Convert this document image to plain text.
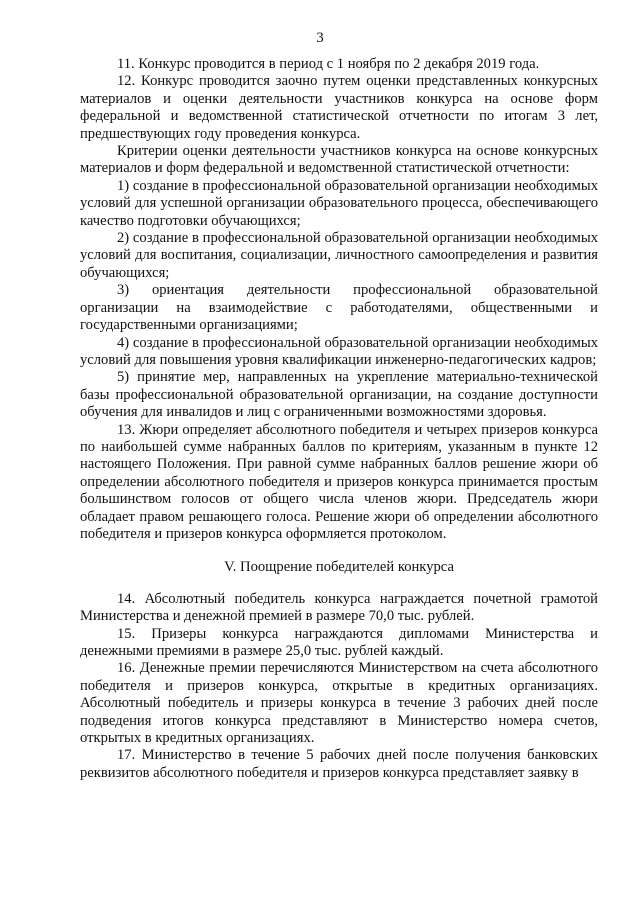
3

11. Конкурс проводится в период с 1 ноября по 2 декабря 2019 года.

12. Конкурс проводится заочно путем оценки представленных конкурсных материалов и оценки деятельности участников конкурса на основе форм федеральной и ведомственной статистической отчетности по итогам 3 лет, предшествующих году проведения конкурса.

Критерии оценки деятельности участников конкурса на основе конкурсных материалов и форм федеральной и ведомственной статистической отчетности:

1) создание в профессиональной образовательной организации необходимых условий для успешной организации образовательного процесса, обеспечивающего качество подготовки обучающихся;

2) создание в профессиональной образовательной организации необходимых условий для воспитания, социализации, личностного самоопределения и развития обучающихся;

3) ориентация деятельности профессиональной образовательной организации на взаимодействие с работодателями, общественными и государственными организациями;

4) создание в профессиональной образовательной организации необходимых условий для повышения уровня квалификации инженерно-педагогических кадров;

5) принятие мер, направленных на укрепление материально-технической базы профессиональной образовательной организации, на создание доступности обучения для инвалидов и лиц с ограниченными возможностями здоровья.

13. Жюри определяет абсолютного победителя и четырех призеров конкурса по наибольшей сумме набранных баллов по критериям, указанным в пункте 12 настоящего Положения. При равной сумме набранных баллов решение жюри об определении абсолютного победителя и призеров конкурса принимается простым большинством голосов от общего числа членов жюри. Председатель жюри обладает правом решающего голоса. Решение жюри об определении абсолютного победителя и призеров конкурса оформляется протоколом.

V. Поощрение победителей конкурса

14. Абсолютный победитель конкурса награждается почетной грамотой Министерства и денежной премией в размере 70,0 тыс. рублей.

15. Призеры конкурса награждаются дипломами Министерства и денежными премиями в размере 25,0 тыс. рублей каждый.

16. Денежные премии перечисляются Министерством на счета абсолютного победителя и призеров конкурса, открытые в кредитных организациях. Абсолютный победитель и призеры конкурса в течение 3 рабочих дней после подведения итогов конкурса представляют в Министерство номера счетов, открытых в кредитных организациях.

17. Министерство в течение 5 рабочих дней после получения банковских реквизитов абсолютного победителя и призеров конкурса представляет заявку в
